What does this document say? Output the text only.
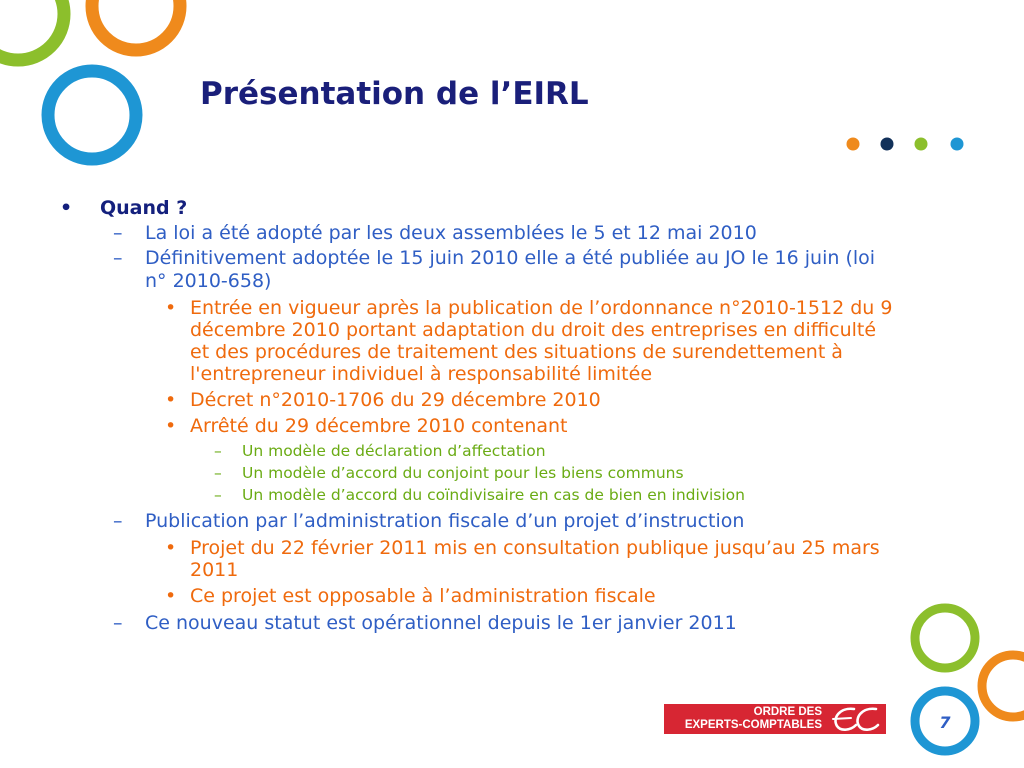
Présentation de l’EIRL
• Quand ?
– La loi a été adopté par les deux assemblées le 5 et 12 mai 2010
– Définitivement adoptée le 15 juin 2010 elle a été publiée au JO le 16 juin (loi n° 2010-658)
• Entrée en vigueur après la publication de l’ordonnance n°2010-1512 du 9 décembre 2010 portant adaptation du droit des entreprises en difficulté et des procédures de traitement des situations de surendettement à l'entrepreneur individuel à responsabilité limitée
• Décret n°2010-1706 du 29 décembre 2010
• Arrêté du 29 décembre 2010 contenant
– Un modèle de déclaration d’affectation
– Un modèle d’accord du conjoint pour les biens communs
– Un modèle d’accord du coïndivisaire en cas de bien en indivision
– Publication par l’administration fiscale d’un projet d’instruction
• Projet du 22 février 2011 mis en consultation publique jusqu’au 25 mars 2011
• Ce projet est opposable à l’administration fiscale
– Ce nouveau statut est opérationnel depuis le 1er janvier 2011
ORDRE DES
EXPERTS-COMPTABLES	7
